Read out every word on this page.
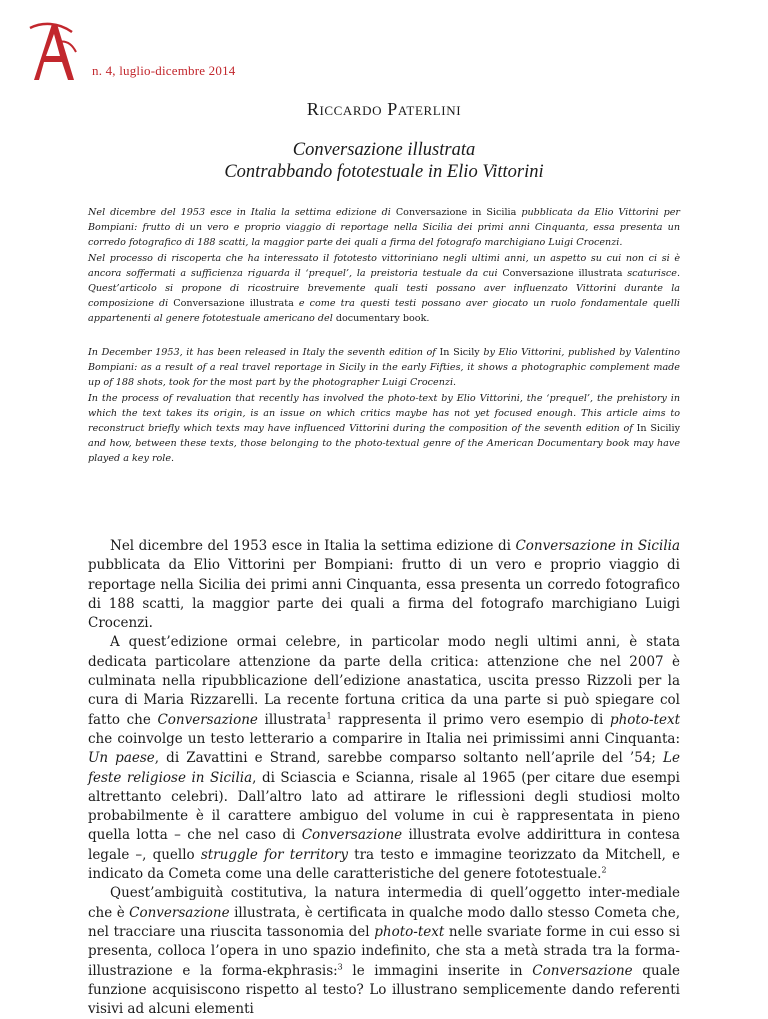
n. 4, luglio-dicembre 2014
Riccardo Paterlini
Conversazione illustrata
Contrabbando fototestuale in Elio Vittorini

Nel dicembre del 1953 esce in Italia la settima edizione di Conversazione in Sicilia pubblicata da Elio Vittorini per Bompiani: frutto di un vero e proprio viaggio di reportage nella Sicilia dei primi anni Cinquanta, essa presenta un corredo fotografico di 188 scatti, la maggior parte dei quali a firma del fotografo marchigiano Luigi Crocenzi.

Nel processo di riscoperta che ha interessato il fototesto vittoriniano negli ultimi anni, un aspetto su cui non ci si è ancora soffermati a sufficienza riguarda il ‘prequel’, la preistoria testuale da cui Conversazione illustrata scaturisce. Quest’articolo si propone di ricostruire brevemente quali testi possano aver influenzato Vittorini durante la composizione di Conversazione illustrata e come tra questi testi possano aver giocato un ruolo fondamentale quelli appartenenti al genere fototestuale americano del documentary book.

In December 1953, it has been released in Italy the seventh edition of In Sicily by Elio Vittorini, published by Valentino Bompiani: as a result of a real travel reportage in Sicily in the early Fifties, it shows a photographic complement made up of 188 shots, took for the most part by the photographer Luigi Crocenzi.

In the process of revaluation that recently has involved the photo-text by Elio Vittorini, the ‘prequel’, the prehistory in which the text takes its origin, is an issue on which critics maybe has not yet focused enough. This article aims to reconstruct briefly which texts may have influenced Vittorini during the composition of the seventh edition of In Siciliy and how, between these texts, those belonging to the photo-textual genre of the American Documentary book may have played a key role.

Nel dicembre del 1953 esce in Italia la settima edizione di Conversazione in Sicilia pubblicata da Elio Vittorini per Bompiani: frutto di un vero e proprio viaggio di reportage nella Sicilia dei primi anni Cinquanta, essa presenta un corredo fotografico di 188 scatti, la maggior parte dei quali a firma del fotografo marchigiano Luigi Crocenzi.

A quest’edizione ormai celebre, in particolar modo negli ultimi anni, è stata dedicata particolare attenzione da parte della critica: attenzione che nel 2007 è culminata nella ripubblicazione dell’edizione anastatica, uscita presso Rizzoli per la cura di Maria Rizzarelli. La recente fortuna critica da una parte si può spiegare col fatto che Conversazione illustrata$^1$ rappresenta il primo vero esempio di photo-text che coinvolge un testo letterario a comparire in Italia nei primissimi anni Cinquanta: Un paese, di Zavattini e Strand, sarebbe comparso soltanto nell’aprile del ’54; Le feste religiose in Sicilia, di Sciascia e Scianna, risale al 1965 (per citare due esempi altrettanto celebri). Dall’altro lato ad attirare le riflessioni degli studiosi molto probabilmente è il carattere ambiguo del volume in cui è rappresentata in pieno quella lotta – che nel caso di Conversazione illustrata evolve addirittura in contesa legale –, quello struggle for territory tra testo e immagine teorizzato da Mitchell, e indicato da Cometa come una delle caratteristiche del genere fototestuale.$^2$

Quest’ambiguità costitutiva, la natura intermedia di quell’oggetto inter-mediale che è Conversazione illustrata, è certificata in qualche modo dallo stesso Cometa che, nel tracciare una riuscita tassonomia del photo-text nelle svariate forme in cui esso si presenta, colloca l’opera in uno spazio indefinito, che sta a metà strada tra la forma-illustrazione e la forma-ekphrasis:$^3$ le immagini inserite in Conversazione quale funzione acquisiscono rispetto al testo? Lo illustrano semplicemente dando referenti visivi ad alcuni elementi
